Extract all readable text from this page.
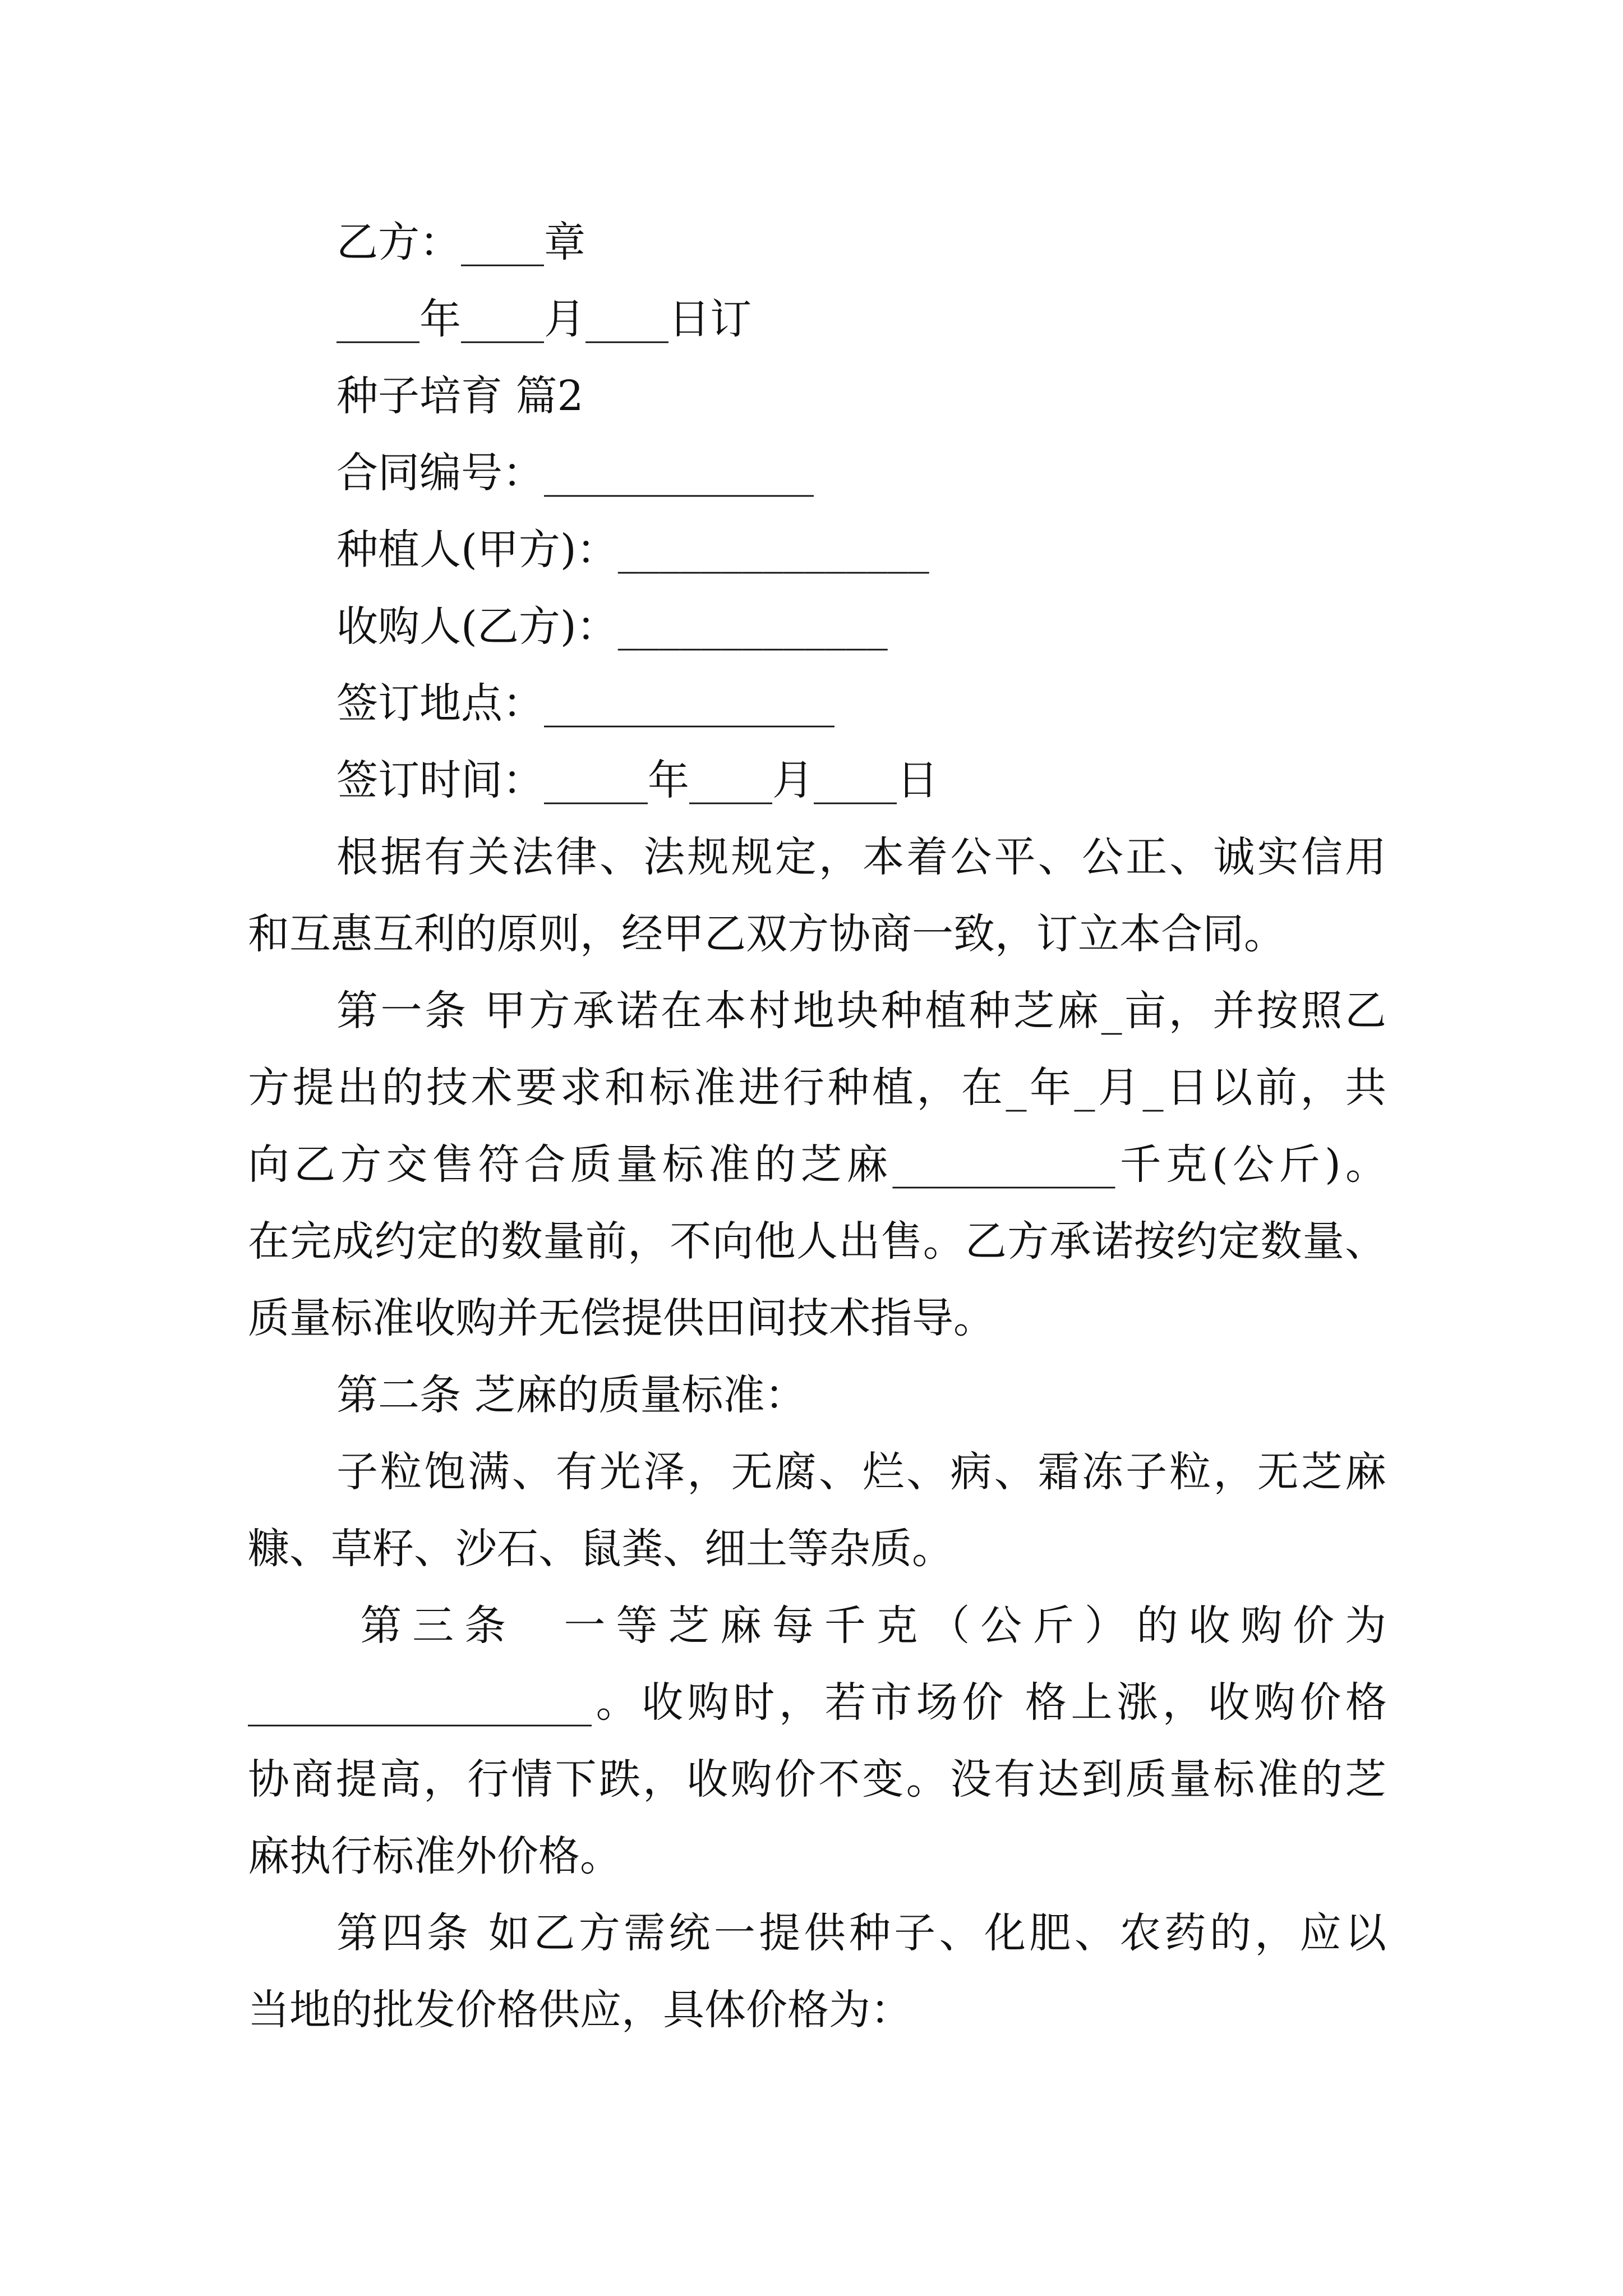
乙方：____章
____年____月____日订
种子培育 篇2
合同编号：_____________
种植人(甲方)：_______________
收购人(乙方)：_____________
签订地点：______________
签订时间：_____年____月____日
根据有关法律、法规规定，本着公平、公正、诚实信用
和互惠互利的原则，经甲乙双方协商一致，订立本合同。
第一条 甲方承诺在本村地块种植种芝麻_亩，并按照乙
方提出的技术要求和标准进行种植，在_年_月_日以前，共
向乙方交售符合质量标准的芝麻___________千克(公斤)。
在完成约定的数量前，不向他人出售。乙方承诺按约定数量、
质量标准收购并无偿提供田间技术指导。
第二条 芝麻的质量标准：
子粒饱满、有光泽，无腐、烂、病、霜冻子粒，无芝麻
糠、草籽、沙石、鼠粪、细土等杂质。
第三条  一等芝麻每千克（公斤）的收购价为
_________________。收购时，若市场价 格上涨，收购价格
协商提高，行情下跌，收购价不变。没有达到质量标准的芝
麻执行标准外价格。
第四条 如乙方需统一提供种子、化肥、农药的，应以
当地的批发价格供应，具体价格为：
